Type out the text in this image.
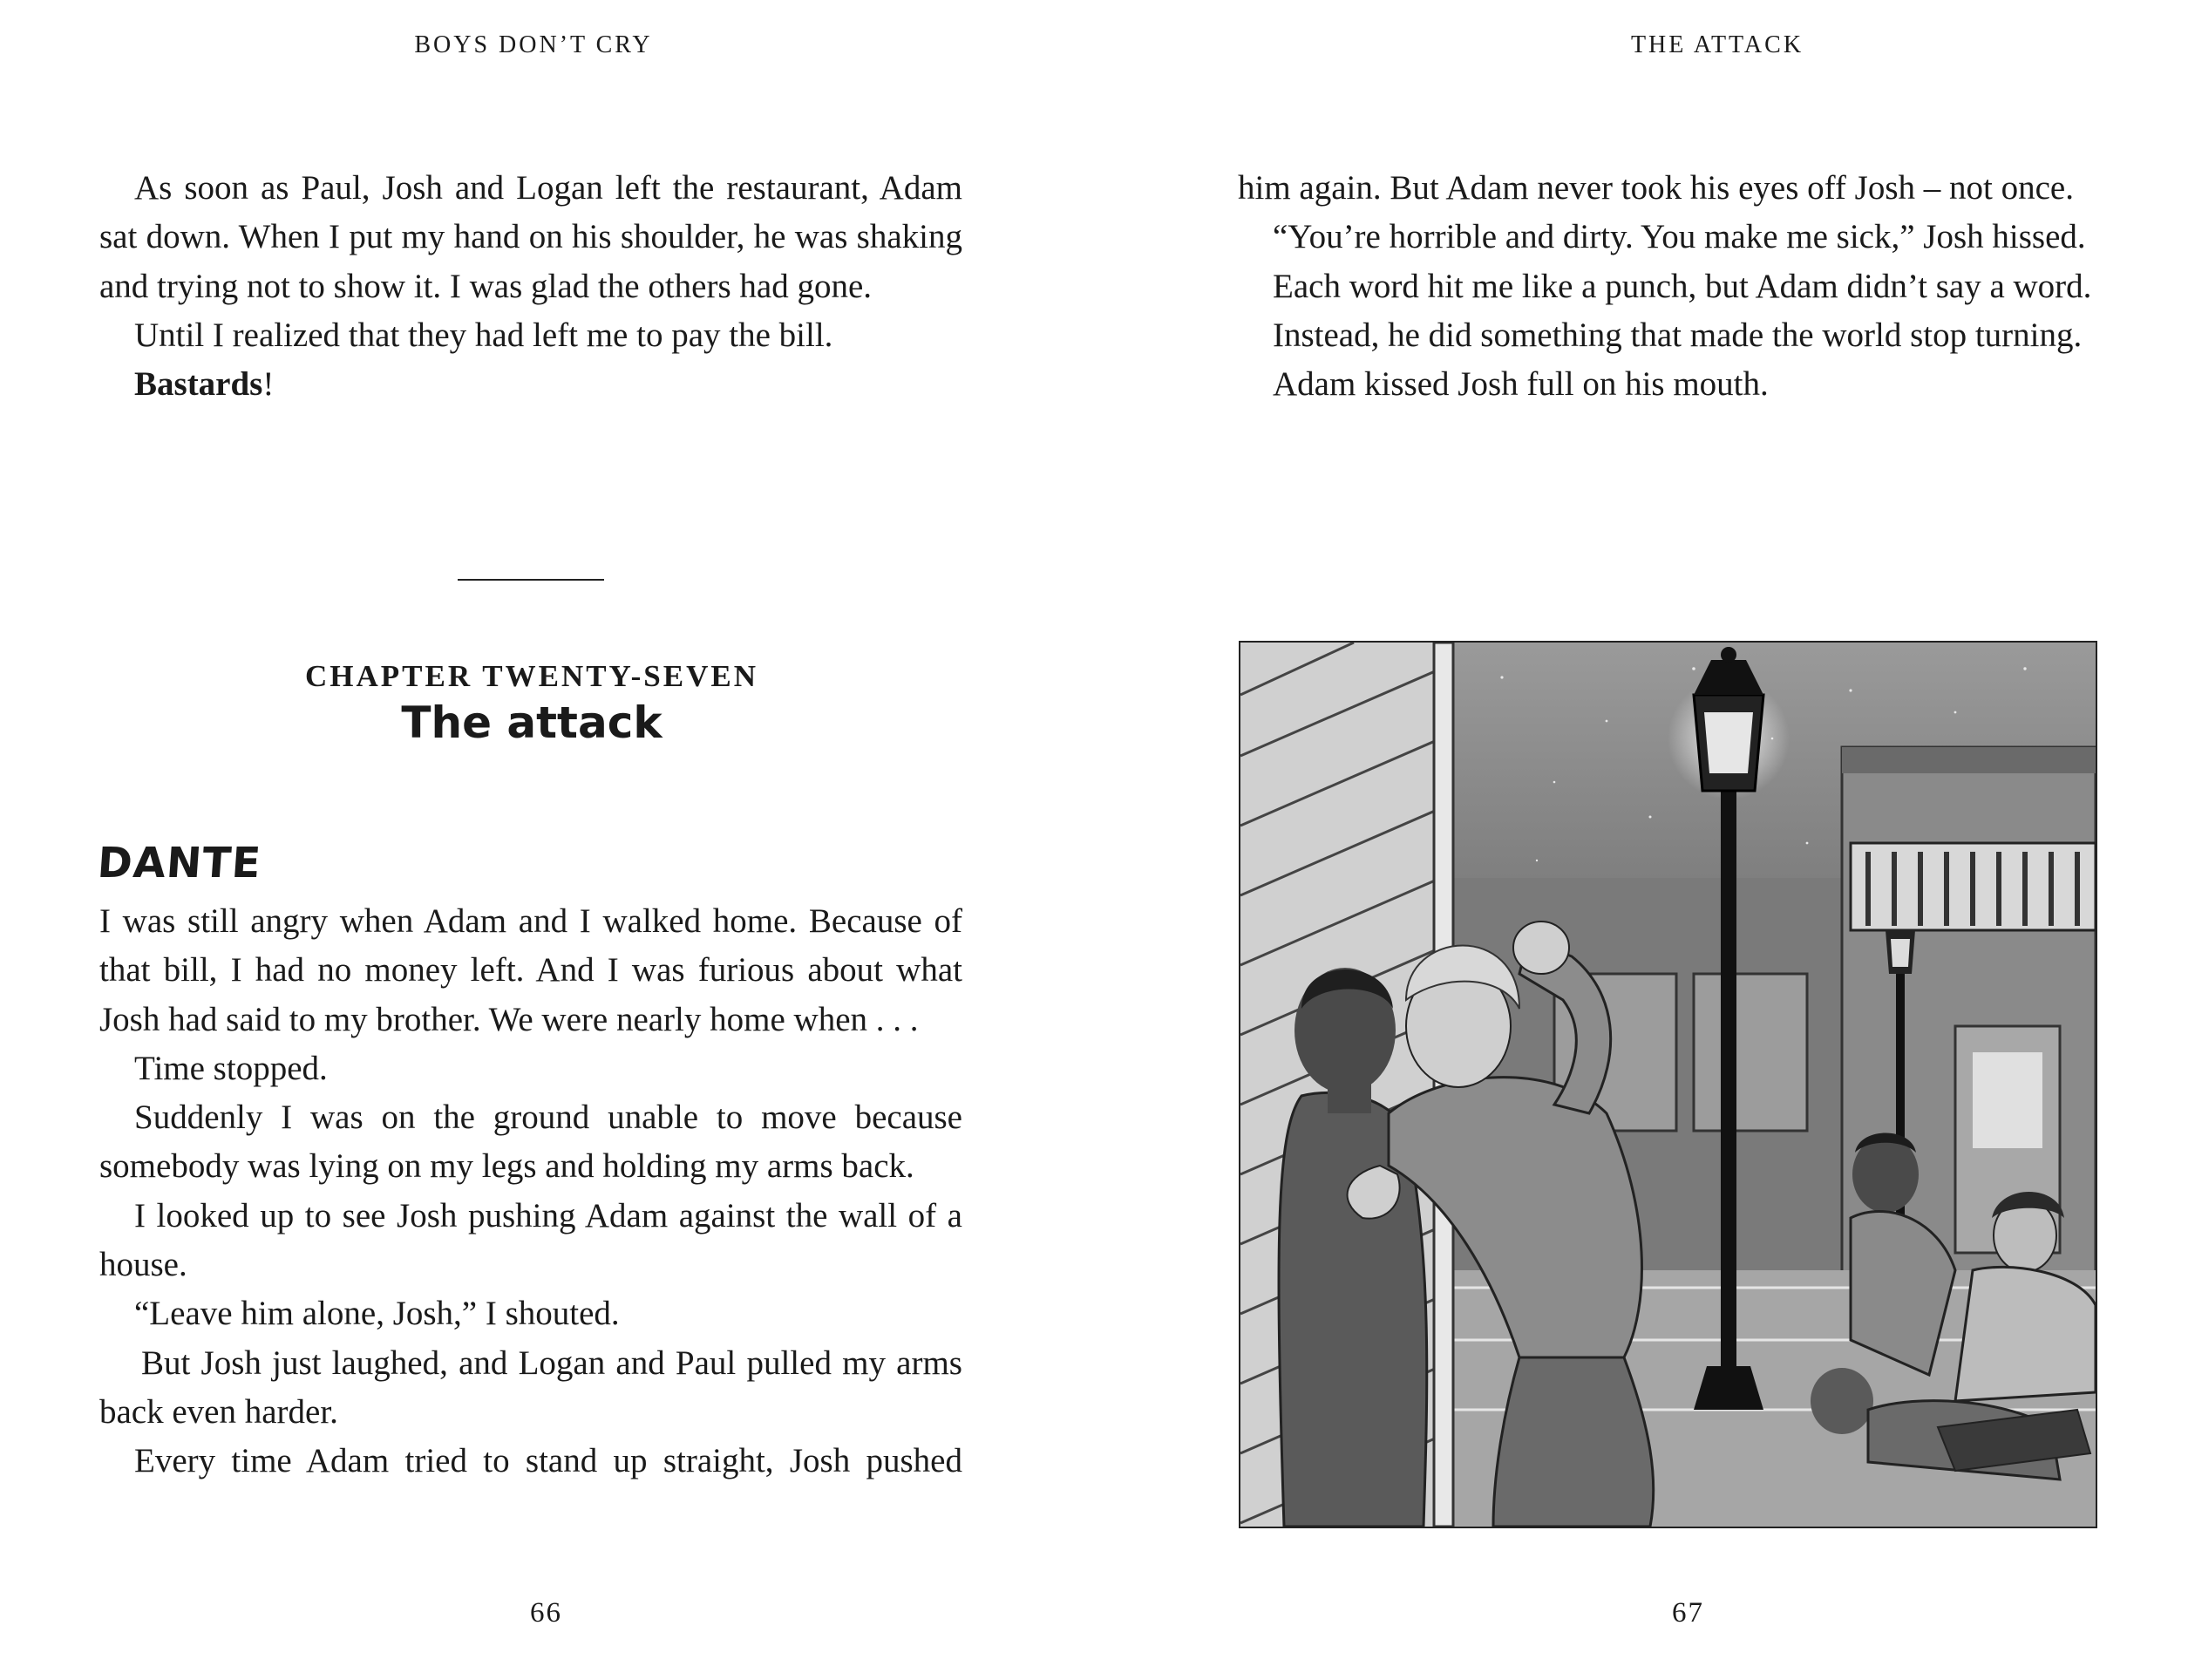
BOYS DON’T CRY

As soon as Paul, Josh and Logan left the restaurant, Adam sat down. When I put my hand on his shoulder, he was shaking and trying not to show it. I was glad the others had gone.

Until I realized that they had left me to pay the bill.

Bastards!

CHAPTER TWENTY-SEVEN
The attack
DANTE

I was still angry when Adam and I walked home. Because of that bill, I had no money left. And I was furious about what Josh had said to my brother. We were nearly home when . . .

Time stopped.

Suddenly I was on the ground unable to move because somebody was lying on my legs and holding my arms back.

I looked up to see Josh pushing Adam against the wall of a house.

“Leave him alone, Josh,” I shouted.

But Josh just laughed, and Logan and Paul pulled my arms back even harder.

Every time Adam tried to stand up straight, Josh pushed

66
THE ATTACK

him again. But Adam never took his eyes off Josh – not once.

“You’re horrible and dirty. You make me sick,” Josh hissed.

Each word hit me like a punch, but Adam didn’t say a word.

Instead, he did something that made the world stop turning.

Adam kissed Josh full on his mouth.

67
